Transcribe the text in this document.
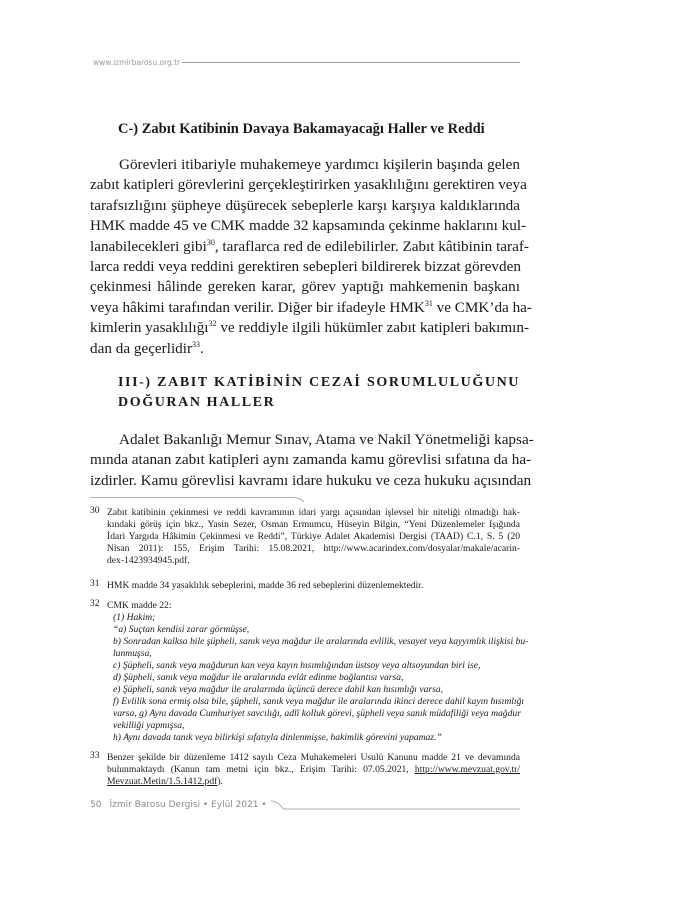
www.izmirbarosu.org.tr
C-) Zabıt Katibinin Davaya Bakamayacağı Haller ve Reddi
Görevleri itibariyle muhakemeye yardımcı kişilerin başında gelen
zabıt katipleri görevlerini gerçekleştirirken yasaklılığını gerektiren veya
tarafsızlığını şüpheye düşürecek sebeplerle karşı karşıya kaldıklarında
HMK madde 45 ve CMK madde 32 kapsamında çekinme haklarını kul-
lanabilecekleri gibi$^{30}$, taraflarca red de edilebilirler. Zabıt kâtibinin taraf-
larca reddi veya reddini gerektiren sebepleri bildirerek bizzat görevden
çekinmesi hâlinde gereken karar, görev yaptığı mahkemenin başkanı
veya hâkimi tarafından verilir. Diğer bir ifadeyle HMK$^{31}$ ve CMK’da ha-
kimlerin yasaklılığı$^{32}$ ve reddiyle ilgili hükümler zabıt katipleri bakımın-
dan da geçerlidir$^{33}$.
III-) ZABIT KATİBİNİN CEZAİ SORUMLULUĞUNU
DOĞURAN HALLER
Adalet Bakanlığı Memur Sınav, Atama ve Nakil Yönetmeliği kapsa-
mında atanan zabıt katipleri aynı zamanda kamu görevlisi sıfatına da ha-
izdirler. Kamu görevlisi kavramı idare hukuku ve ceza hukuku açısından
30 Zabıt katibinin çekinmesi ve reddi kavramının idari yargı açısından işlevsel bir niteliği olmadığı hak-
kındaki görüş için bkz., Yasin Sezer, Osman Ermumcu, Hüseyin Bilgin, “Yeni Düzenlemeler Işığında
İdari Yargıda Hâkimin Çekinmesi ve Reddi”, Türkiye Adalet Akademisi Dergisi (TAAD) C.1, S. 5 (20
Nisan 2011): 155, Erişim Tarihi: 15.08.2021, http://www.acarindex.com/dosyalar/makale/acarin-
dex-1423934945.pdf.
31 HMK madde 34 yasaklılık sebeplerini, madde 36 red sebeplerini düzenlemektedir.
32 CMK madde 22:
(1) Hakim;
“a) Suçtan kendisi zarar görmüşse,
b) Sonradan kalksa bile şüpheli, sanık veya mağdur ile aralarında evlilik, vesayet veya kayyımlık ilişkisi bu-
lunmuşsa,
c) Şüpheli, sanık veya mağdurun kan veya kayın hısımlığından üstsoy veya altsoyundan biri ise,
d) Şüpheli, sanık veya mağdur ile aralarında evlât edinme bağlantısı varsa,
e) Şüpheli, sanık veya mağdur ile aralarında üçüncü derece dahil kan hısımlığı varsa,
f) Evlilik sona ermiş olsa bile, şüpheli, sanık veya mağdur ile aralarında ikinci derece dahil kayın hısımlığı
varsa, g) Aynı davada Cumhuriyet savcılığı, adlî kolluk görevi, şüpheli veya sanık müdafiliği veya mağdur
vekilliği yapmışsa,
h) Aynı davada tanık veya bilirkişi sıfatıyla dinlenmişse, hakimlik görevini yapamaz.”
33 Benzer şekilde bir düzenleme 1412 sayılı Ceza Muhakemeleri Usulü Kanunu madde 21 ve devamında
bulunmaktaydı (Kanun tam metni için bkz., Erişim Tarihi: 07.05.2021, http://www.mevzuat.gov.tr/
Mevzuat.Metin/1.5.1412.pdf).
50 İzmir Barosu Dergisi • Eylül 2021 •
